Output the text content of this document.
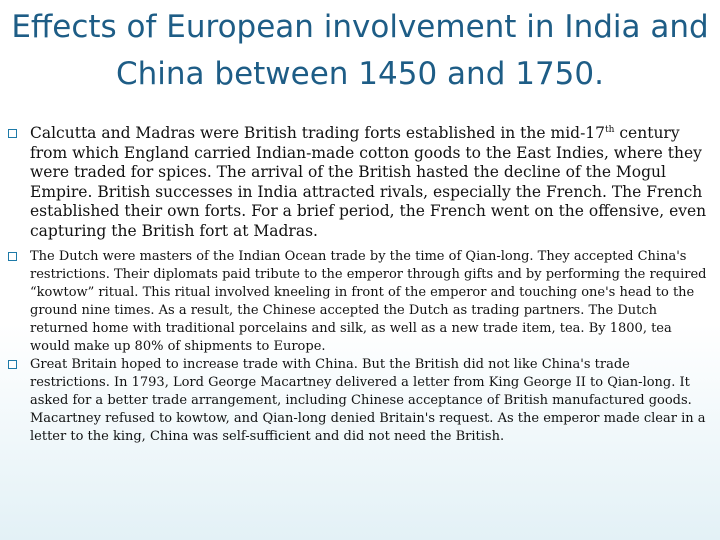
Effects of European involvement in India and China between 1450 and 1750.
Calcutta and Madras were British trading forts established in the mid-17th century from which England carried Indian-made cotton goods to the East Indies, where they were traded for spices. The arrival of the British hasted the decline of the Mogul Empire. British successes in India attracted rivals, especially the French. The French established their own forts. For a brief period, the French went on the offensive, even capturing the British fort at Madras.
The Dutch were masters of the Indian Ocean trade by the time of Qian-long. They accepted China's restrictions. Their diplomats paid tribute to the emperor through gifts and by performing the required “kowtow” ritual. This ritual involved kneeling in front of the emperor and touching one's head to the ground nine times. As a result, the Chinese accepted the Dutch as trading partners. The Dutch returned home with traditional porcelains and silk, as well as a new trade item, tea. By 1800, tea would make up 80% of shipments to Europe.
Great Britain hoped to increase trade with China. But the British did not like China's trade restrictions. In 1793, Lord George Macartney delivered a letter from King George II to Qian-long. It asked for a better trade arrangement, including Chinese acceptance of British manufactured goods. Macartney refused to kowtow, and Qian-long denied Britain's request. As the emperor made clear in a letter to the king, China was self-sufficient and did not need the British.
